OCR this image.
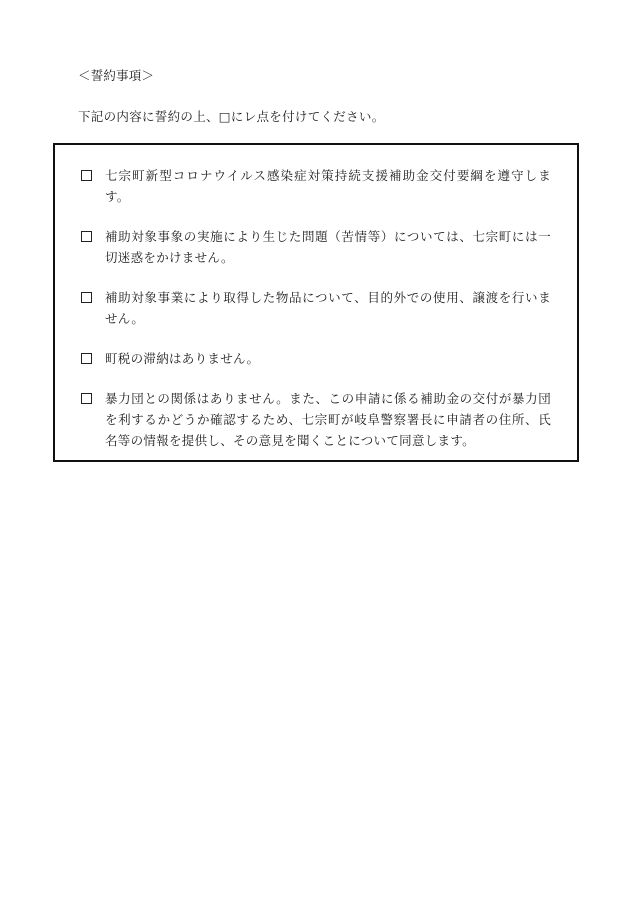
＜誓約事項＞
下記の内容に誓約の上、□にレ点を付けてください。
七宗町新型コロナウイルス感染症対策持続支援補助金交付要綱を遵守します。
補助対象事象の実施により生じた問題（苦情等）については、七宗町には一切迷惑をかけません。
補助対象事業により取得した物品について、目的外での使用、譲渡を行いません。
町税の滞納はありません。
暴力団との関係はありません。また、この申請に係る補助金の交付が暴力団を利するかどうか確認するため、七宗町が岐阜警察署長に申請者の住所、氏名等の情報を提供し、その意見を聞くことについて同意します。
